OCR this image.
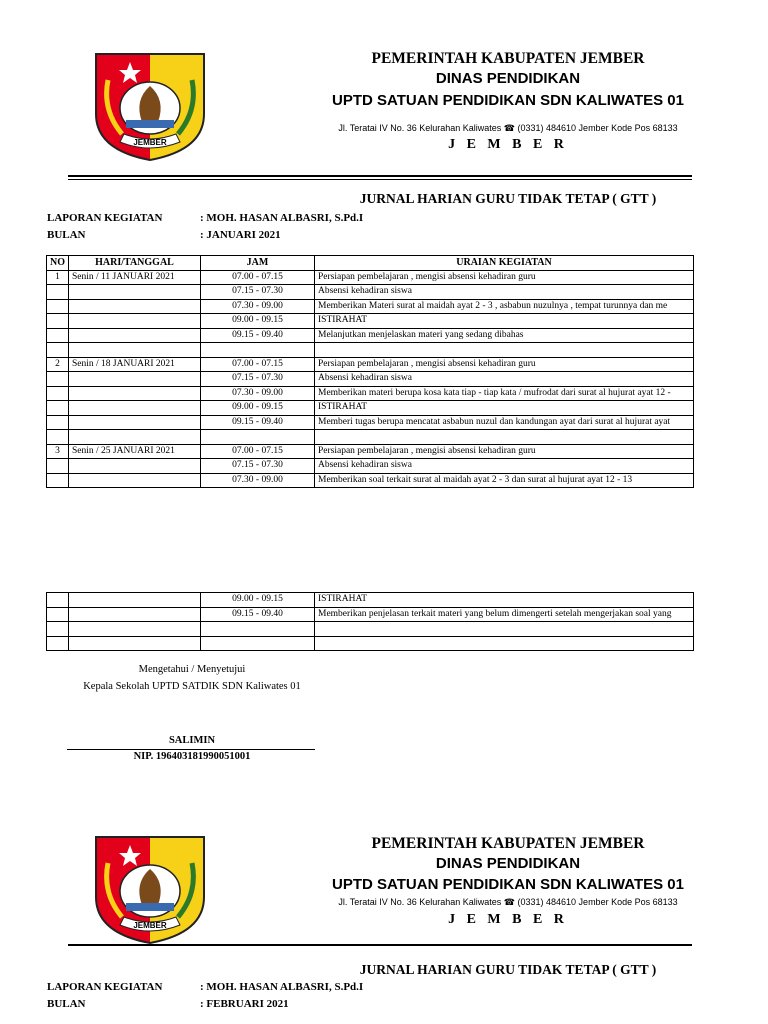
JEMBER
PEMERINTAH KABUPATEN JEMBER
DINAS PENDIDIKAN
UPTD SATUAN PENDIDIKAN SDN KALIWATES 01
Jl. Teratai IV No. 36 Kelurahan Kaliwates ☎ (0331) 484610 Jember Kode Pos 68133
J E M B E R
JURNAL HARIAN GURU TIDAK TETAP ( GTT )
LAPORAN KEGIATAN	: MOH. HASAN ALBASRI, S.Pd.I
BULAN	: JANUARI 2021
NO	HARI/TANGGAL	JAM	URAIAN KEGIATAN
1	Senin / 11 JANUARI 2021	07.00 - 07.15	Persiapan pembelajaran , mengisi absensi kehadiran guru
		07.15 - 07.30	Absensi kehadiran siswa
		07.30 - 09.00	Memberikan Materi surat al maidah ayat 2 - 3 , asbabun nuzulnya , tempat turunnya dan me
		09.00 - 09.15	ISTIRAHAT
		09.15 - 09.40	Melanjutkan menjelaskan materi yang sedang dibahas

2	Senin / 18 JANUARI 2021	07.00 - 07.15	Persiapan pembelajaran , mengisi absensi kehadiran guru
		07.15 - 07.30	Absensi kehadiran siswa
		07.30 - 09.00	Memberikan materi berupa kosa kata tiap - tiap kata / mufrodat dari surat al hujurat ayat 12 -
		09.00 - 09.15	ISTIRAHAT
		09.15 - 09.40	Memberi tugas berupa mencatat asbabun nuzul dan kandungan ayat dari surat al hujurat ayat

3	Senin / 25 JANUARI 2021	07.00 - 07.15	Persiapan pembelajaran , mengisi absensi kehadiran guru
		07.15 - 07.30	Absensi kehadiran siswa
		07.30 - 09.00	Memberikan soal terkait surat al maidah ayat 2 - 3 dan surat al hujurat ayat 12 - 13
		09.00 - 09.15	ISTIRAHAT
		09.15 - 09.40	Memberikan penjelasan terkait materi yang belum dimengerti setelah mengerjakan soal yang

Mengetahui / Menyetujui
Kepala Sekolah UPTD SATDIK SDN Kaliwates 01
SALIMIN
NIP. 196403181990051001
JEMBER
PEMERINTAH KABUPATEN JEMBER
DINAS PENDIDIKAN
UPTD SATUAN PENDIDIKAN SDN KALIWATES 01
Jl. Teratai IV No. 36 Kelurahan Kaliwates ☎ (0331) 484610 Jember Kode Pos 68133
J E M B E R
JURNAL HARIAN GURU TIDAK TETAP ( GTT )
LAPORAN KEGIATAN	: MOH. HASAN ALBASRI, S.Pd.I
BULAN	: FEBRUARI 2021
